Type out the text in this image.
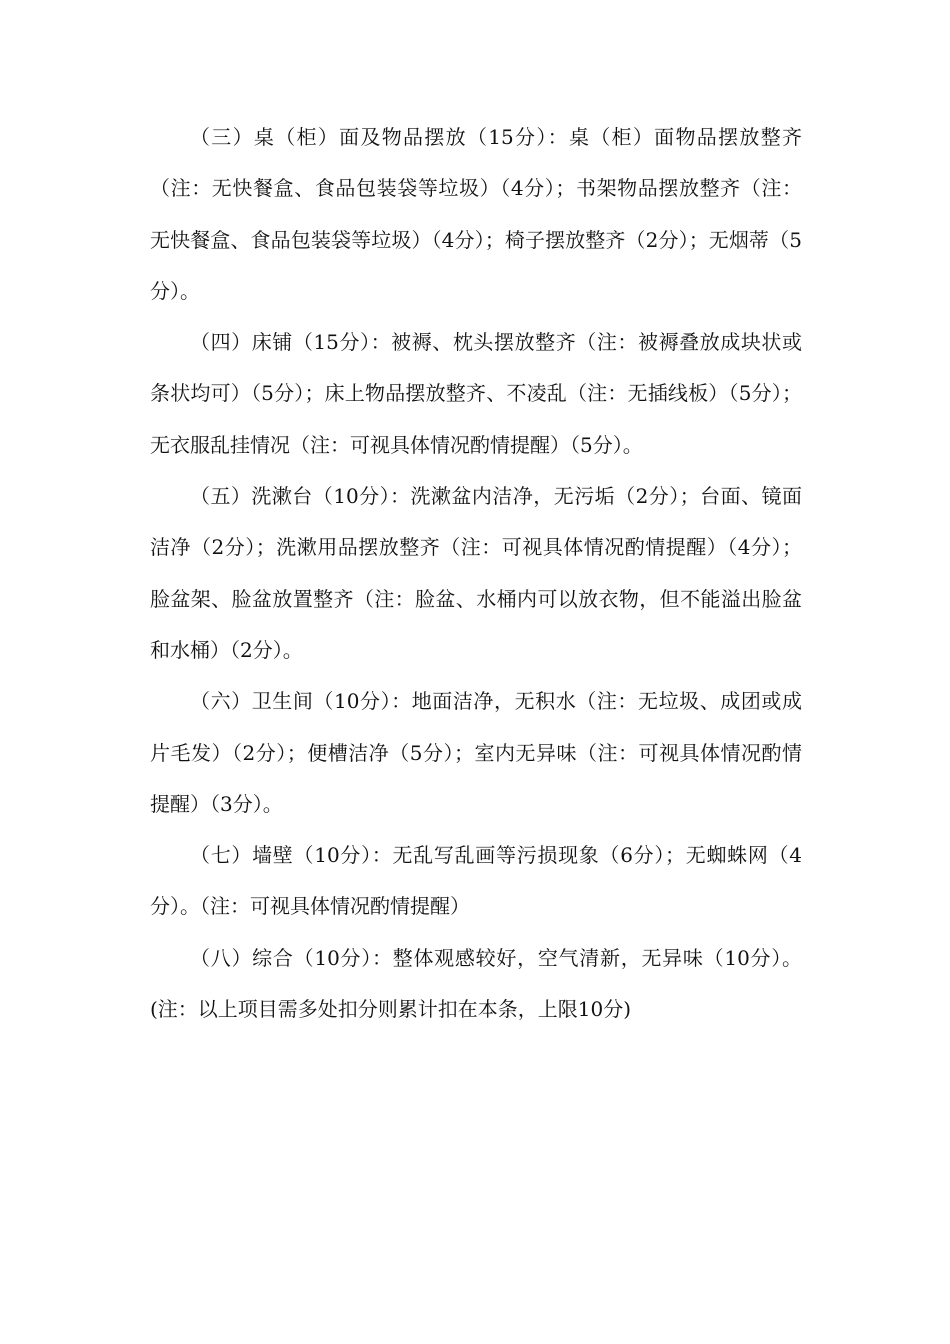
（三）桌（柜）面及物品摆放（15分）：桌（柜）面物品摆放整齐（注：无快餐盒、食品包装袋等垃圾）（4分）；书架物品摆放整齐（注：无快餐盒、食品包装袋等垃圾）（4分）；椅子摆放整齐（2分）；无烟蒂（5分）。

（四）床铺（15分）：被褥、枕头摆放整齐（注：被褥叠放成块状或条状均可）（5分）；床上物品摆放整齐、不凌乱（注：无插线板）（5分）；无衣服乱挂情况（注：可视具体情况酌情提醒）（5分）。

（五）洗漱台（10分）：洗漱盆内洁净，无污垢（2分）；台面、镜面洁净（2分）；洗漱用品摆放整齐（注：可视具体情况酌情提醒）（4分）；脸盆架、脸盆放置整齐（注：脸盆、水桶内可以放衣物，但不能溢出脸盆和水桶）（2分）。

（六）卫生间（10分）：地面洁净，无积水（注：无垃圾、成团或成片毛发）（2分）；便槽洁净（5分）；室内无异味（注：可视具体情况酌情提醒）（3分）。

（七）墙壁（10分）：无乱写乱画等污损现象（6分）；无蜘蛛网（4分）。（注：可视具体情况酌情提醒）

（八）综合（10分）：整体观感较好，空气清新，无异味（10分）。(注：以上项目需多处扣分则累计扣在本条，上限10分)
